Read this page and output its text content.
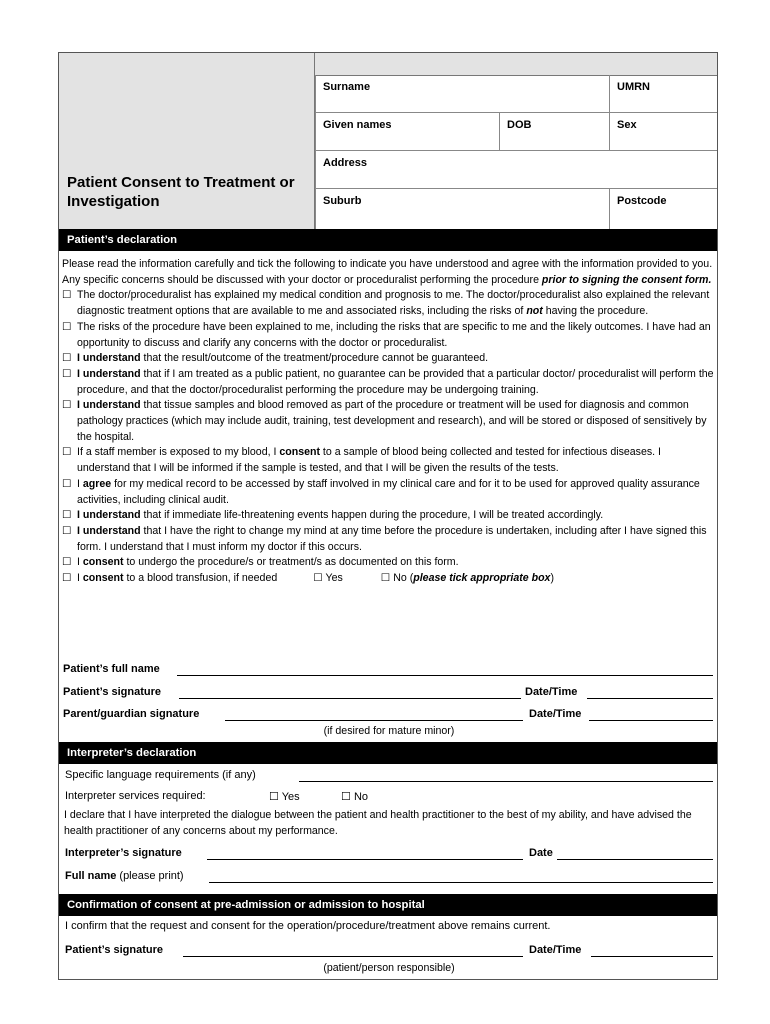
Patient Consent to Treatment or Investigation
Surname	UMRN
Given names	DOB	Sex
Address
Suburb	Postcode
Patient’s declaration

Please read the information carefully and tick the following to indicate you have understood and agree with the information provided to you. Any specific concerns should be discussed with your doctor or proceduralist performing the procedure prior to signing the consent form.

☐ The doctor/proceduralist has explained my medical condition and prognosis to me. The doctor/proceduralist also explained the relevant diagnostic treatment options that are available to me and associated risks, including the risks of not having the procedure.

☐ The risks of the procedure have been explained to me, including the risks that are specific to me and the likely outcomes. I have had an opportunity to discuss and clarify any concerns with the doctor or proceduralist.

☐ I understand that the result/outcome of the treatment/procedure cannot be guaranteed.

☐ I understand that if I am treated as a public patient, no guarantee can be provided that a particular doctor/ proceduralist will perform the procedure, and that the doctor/proceduralist performing the procedure may be undergoing training.

☐ I understand that tissue samples and blood removed as part of the procedure or treatment will be used for diagnosis and common pathology practices (which may include audit, training, test development and research), and will be stored or disposed of sensitively by the hospital.

☐ If a staff member is exposed to my blood, I consent to a sample of blood being collected and tested for infectious diseases. I understand that I will be informed if the sample is tested, and that I will be given the results of the tests.

☐ I agree for my medical record to be accessed by staff involved in my clinical care and for it to be used for approved quality assurance activities, including clinical audit.

☐ I understand that if immediate life-threatening events happen during the procedure, I will be treated accordingly.

☐ I understand that I have the right to change my mind at any time before the procedure is undertaken, including after I have signed this form. I understand that I must inform my doctor if this occurs.

☐ I consent to undergo the procedure/s or treatment/s as documented on this form.

☐ I consent to a blood transfusion, if needed	☐ Yes	☐ No (please tick appropriate box)

Patient’s full name
Patient’s signature	Date/Time
Parent/guardian signature	Date/Time
(if desired for mature minor)
Interpreter’s declaration
Specific language requirements (if any)
Interpreter services required:	☐ Yes	☐ No
I declare that I have interpreted the dialogue between the patient and health practitioner to the best of my ability, and have advised the health practitioner of any concerns about my performance.
Interpreter’s signature	Date
Full name (please print)
Confirmation of consent at pre-admission or admission to hospital
I confirm that the request and consent for the operation/procedure/treatment above remains current.
Patient’s signature	Date/Time
(patient/person responsible)
